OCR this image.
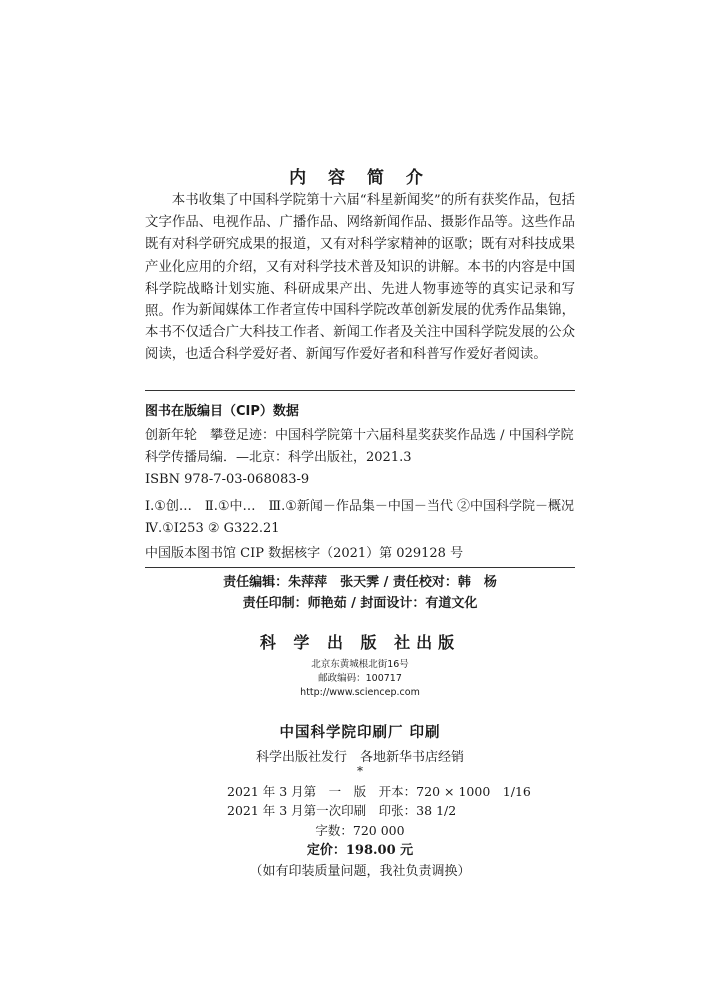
内 容 简 介

本书收集了中国科学院第十六届“科星新闻奖”的所有获奖作品，包括文字作品、电视作品、广播作品、网络新闻作品、摄影作品等。这些作品既有对科学研究成果的报道，又有对科学家精神的讴歌；既有对科技成果产业化应用的介绍，又有对科学技术普及知识的讲解。本书的内容是中国科学院战略计划实施、科研成果产出、先进人物事迹等的真实记录和写照。 作为新闻媒体工作者宣传中国科学院改革创新发展的优秀作品集锦，本书不仅适合广大科技工作者、新闻工作者及关注中国科学院发展的公众阅读，也适合科学爱好者、新闻写作爱好者和科普写作爱好者阅读。

图书在版编目（CIP）数据

创新年轮　攀登足迹：中国科学院第十六届科星奖获奖作品选 / 中国科学院科学传播局编．—北京：科学出版社，2021.3

ISBN 978-7-03-068083-9

Ⅰ.①创…　Ⅱ.①中…　Ⅲ.①新闻－作品集－中国－当代 ②中国科学院－概况　Ⅳ.①I253 ② G322.21

中国版本图书馆 CIP 数据核字（2021）第 029128 号

责任编辑：朱萍萍　张天霁 / 责任校对：韩　杨
责任印制：师艳茹 / 封面设计：有道文化
科 学 出 版 社出版
北京东黄城根北街16号
邮政编码：100717
http://www.sciencep.com
中国科学院印刷厂 印刷
科学出版社发行　各地新华书店经销
*
2021 年 3 月第　一　版　开本：720 × 1000　1/16
2021 年 3 月第一次印刷　印张：38 1/2
字数：720 000
定价：198.00 元
（如有印装质量问题，我社负责调换）
